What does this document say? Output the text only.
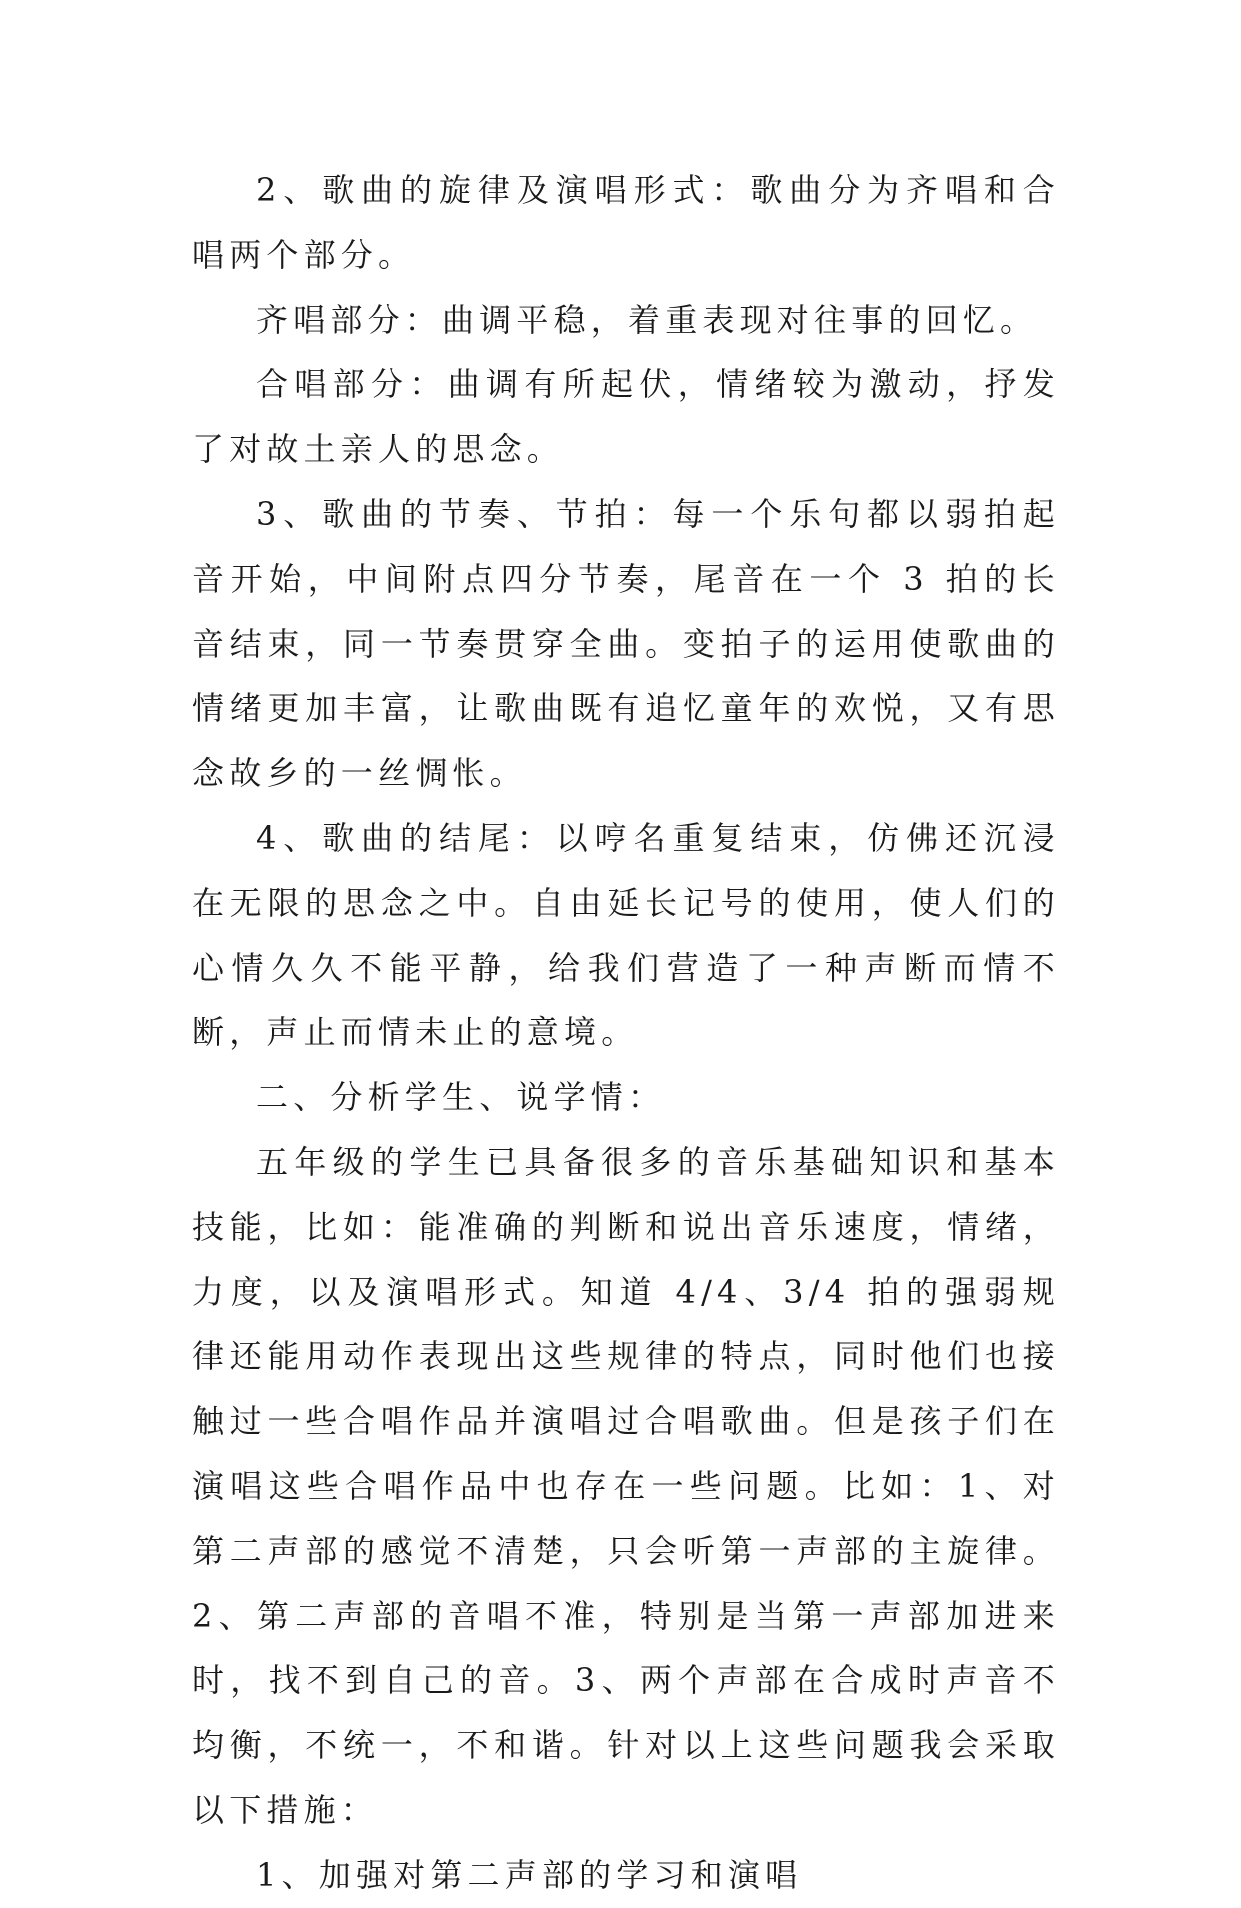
2、歌曲的旋律及演唱形式：歌曲分为齐唱和合唱两个部分。

齐唱部分：曲调平稳，着重表现对往事的回忆。

合唱部分：曲调有所起伏，情绪较为激动，抒发了对故土亲人的思念。

3、歌曲的节奏、节拍：每一个乐句都以弱拍起音开始，中间附点四分节奏，尾音在一个 3 拍的长音结束，同一节奏贯穿全曲。变拍子的运用使歌曲的情绪更加丰富，让歌曲既有追忆童年的欢悦，又有思念故乡的一丝惆怅。

4、歌曲的结尾：以哼名重复结束，仿佛还沉浸在无限的思念之中。自由延长记号的使用，使人们的心情久久不能平静，给我们营造了一种声断而情不断，声止而情未止的意境。

二、分析学生、说学情：

五年级的学生已具备很多的音乐基础知识和基本技能，比如：能准确的判断和说出音乐速度，情绪，力度，以及演唱形式。知道 4/4、3/4 拍的强弱规律还能用动作表现出这些规律的特点，同时他们也接触过一些合唱作品并演唱过合唱歌曲。但是孩子们在演唱这些合唱作品中也存在一些问题。比如：1、对第二声部的感觉不清楚，只会听第一声部的主旋律。2、第二声部的音唱不准，特别是当第一声部加进来时，找不到自己的音。3、两个声部在合成时声音不均衡，不统一，不和谐。针对以上这些问题我会采取以下措施：

1、加强对第二声部的学习和演唱
